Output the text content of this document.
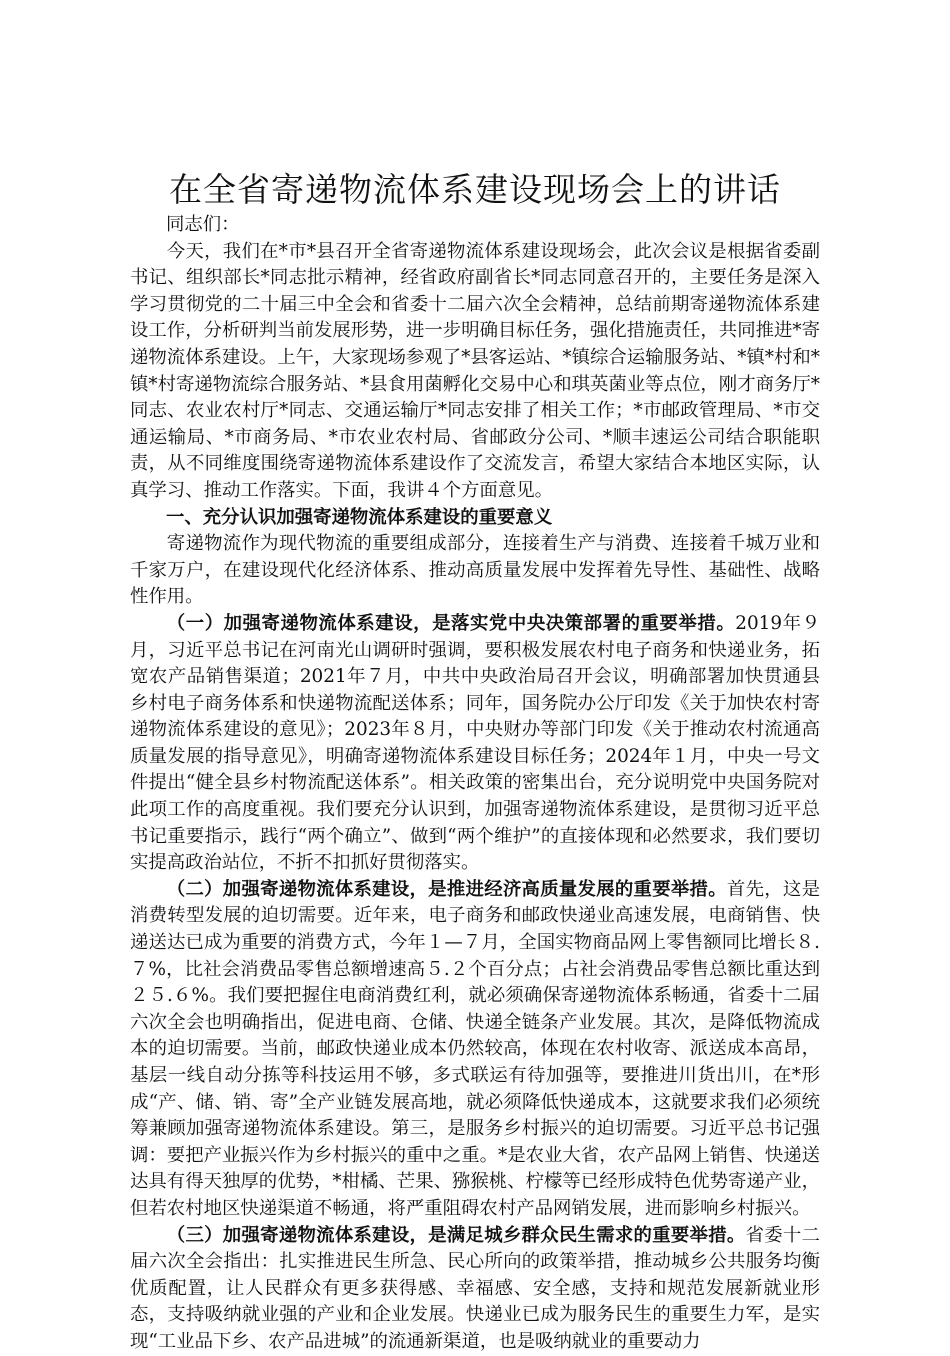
在全省寄递物流体系建设现场会上的讲话
同志们：

今天，我们在*市*县召开全省寄递物流体系建设现场会，此次会议是根据省委副书记、组织部长*同志批示精神，经省政府副省长*同志同意召开的，主要任务是深入学习贯彻党的二十届三中全会和省委十二届六次全会精神，总结前期寄递物流体系建设工作，分析研判当前发展形势，进一步明确目标任务，强化措施责任，共同推进*寄递物流体系建设。上午，大家现场参观了*县客运站、*镇综合运输服务站、*镇*村和*镇*村寄递物流综合服务站、*县食用菌孵化交易中心和琪英菌业等点位，刚才商务厅*同志、农业农村厅*同志、交通运输厅*同志安排了相关工作；*市邮政管理局、*市交通运输局、*市商务局、*市农业农村局、省邮政分公司、*顺丰速运公司结合职能职责，从不同维度围绕寄递物流体系建设作了交流发言，希望大家结合本地区实际，认真学习、推动工作落实。下面，我讲４个方面意见。

一、充分认识加强寄递物流体系建设的重要意义

寄递物流作为现代物流的重要组成部分，连接着生产与消费、连接着千城万业和千家万户，在建设现代化经济体系、推动高质量发展中发挥着先导性、基础性、战略性作用。

（一）加强寄递物流体系建设，是落实党中央决策部署的重要举措。2019年９月，习近平总书记在河南光山调研时强调，要积极发展农村电子商务和快递业务，拓宽农产品销售渠道；2021年７月，中共中央政治局召开会议，明确部署加快贯通县乡村电子商务体系和快递物流配送体系；同年，国务院办公厅印发《关于加快农村寄递物流体系建设的意见》；2023年８月，中央财办等部门印发《关于推动农村流通高质量发展的指导意见》，明确寄递物流体系建设目标任务；2024年１月，中央一号文件提出“健全县乡村物流配送体系”。相关政策的密集出台，充分说明党中央国务院对此项工作的高度重视。我们要充分认识到，加强寄递物流体系建设，是贯彻习近平总书记重要指示，践行“两个确立”、做到“两个维护”的直接体现和必然要求，我们要切实提高政治站位，不折不扣抓好贯彻落实。

（二）加强寄递物流体系建设，是推进经济高质量发展的重要举措。首先，这是消费转型发展的迫切需要。近年来，电子商务和邮政快递业高速发展，电商销售、快递送达已成为重要的消费方式，今年１—７月，全国实物商品网上零售额同比增长８.７%，比社会消费品零售总额增速高５.２个百分点；占社会消费品零售总额比重达到２５.６%。我们要把握住电商消费红利，就必须确保寄递物流体系畅通，省委十二届六次全会也明确指出，促进电商、仓储、快递全链条产业发展。其次，是降低物流成本的迫切需要。当前，邮政快递业成本仍然较高，体现在农村收寄、派送成本高昂，基层一线自动分拣等科技运用不够，多式联运有待加强等，要推进川货出川，在*形成“产、储、销、寄”全产业链发展高地，就必须降低快递成本，这就要求我们必须统筹兼顾加强寄递物流体系建设。第三，是服务乡村振兴的迫切需要。习近平总书记强调：要把产业振兴作为乡村振兴的重中之重。*是农业大省，农产品网上销售、快递送达具有得天独厚的优势，*柑橘、芒果、猕猴桃、柠檬等已经形成特色优势寄递产业，但若农村地区快递渠道不畅通，将严重阻碍农村产品网销发展，进而影响乡村振兴。

（三）加强寄递物流体系建设，是满足城乡群众民生需求的重要举措。省委十二届六次全会指出：扎实推进民生所急、民心所向的政策举措，推动城乡公共服务均衡优质配置，让人民群众有更多获得感、幸福感、安全感，支持和规范发展新就业形态，支持吸纳就业强的产业和企业发展。快递业已成为服务民生的重要生力军，是实现“工业品下乡、农产品进城”的流通新渠道，也是吸纳就业的重要动力
